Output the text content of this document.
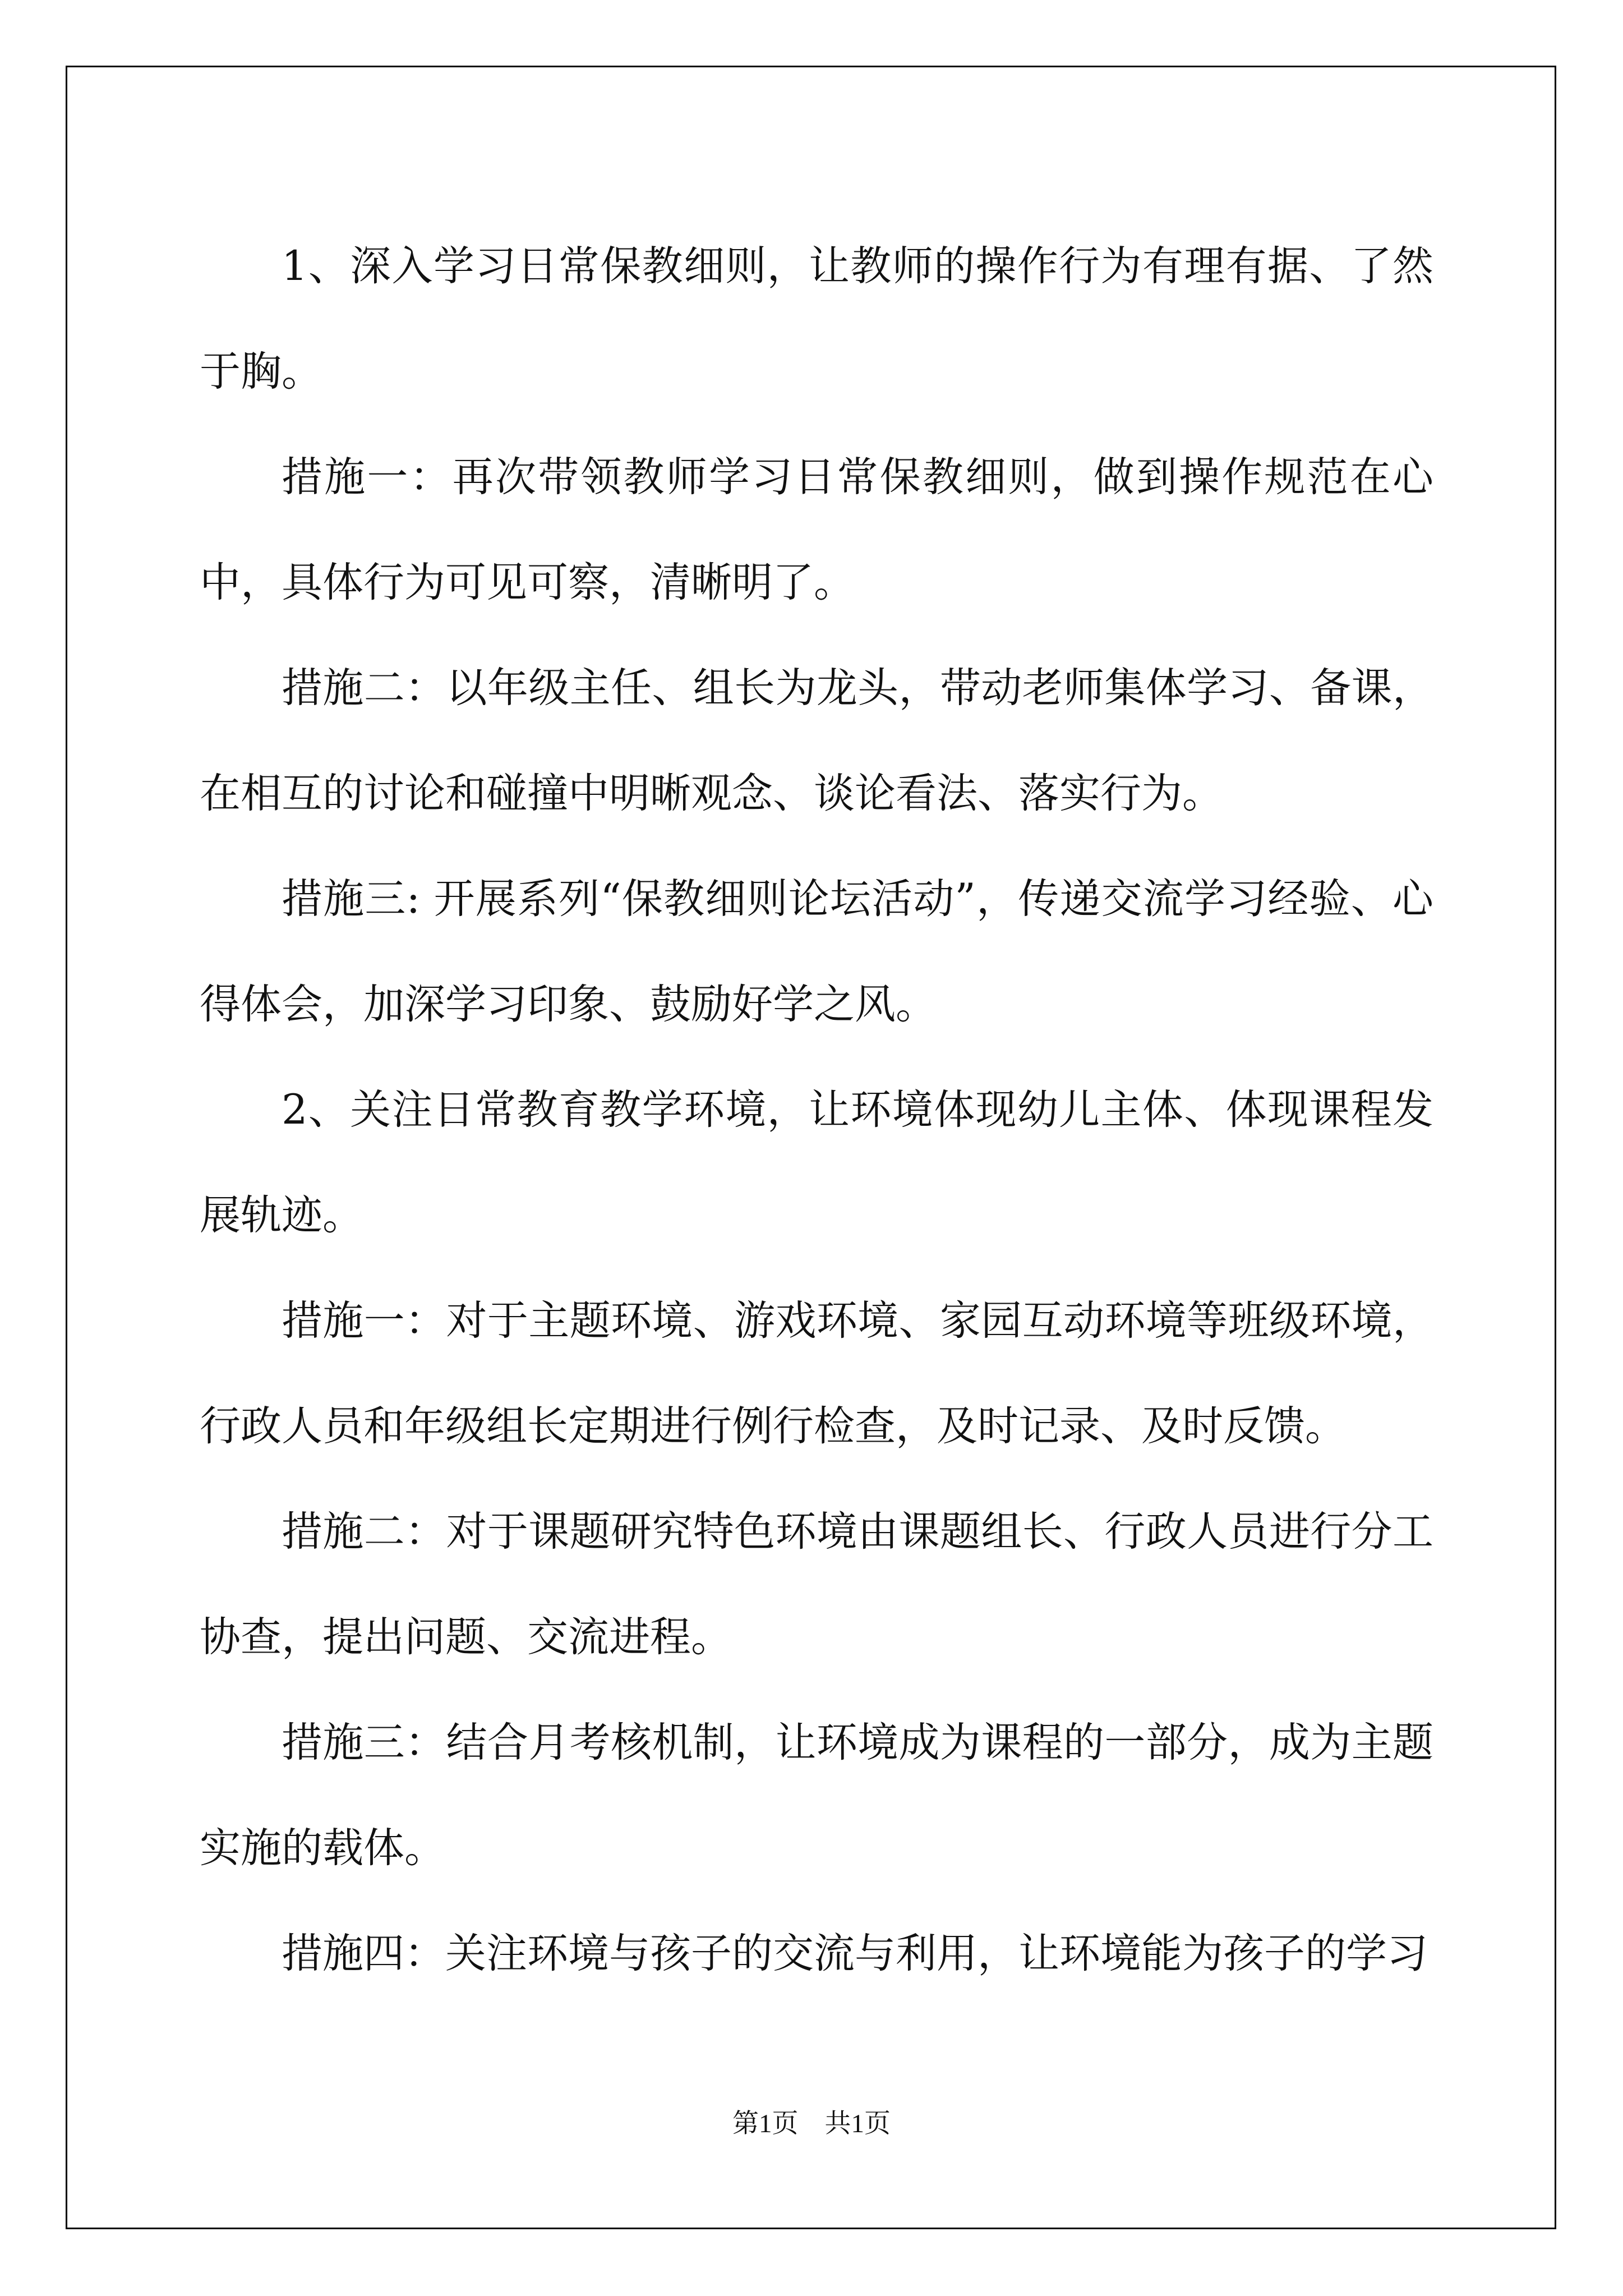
1、深入学习日常保教细则，让教师的操作行为有理有据、了然于胸。

措施一：再次带领教师学习日常保教细则，做到操作规范在心中，具体行为可见可察，清晰明了。

措施二：以年级主任、组长为龙头，带动老师集体学习、备课，在相互的讨论和碰撞中明晰观念、谈论看法、落实行为。

措施三: 开展系列“保教细则论坛活动”，传递交流学习经验、心得体会，加深学习印象、鼓励好学之风。

2、关注日常教育教学环境，让环境体现幼儿主体、体现课程发展轨迹。

措施一：对于主题环境、游戏环境、家园互动环境等班级环境，行政人员和年级组长定期进行例行检查，及时记录、及时反馈。

措施二：对于课题研究特色环境由课题组长、行政人员进行分工协查，提出问题、交流进程。

措施三：结合月考核机制，让环境成为课程的一部分，成为主题实施的载体。

措施四：关注环境与孩子的交流与利用，让环境能为孩子的学习

第1页　共1页
